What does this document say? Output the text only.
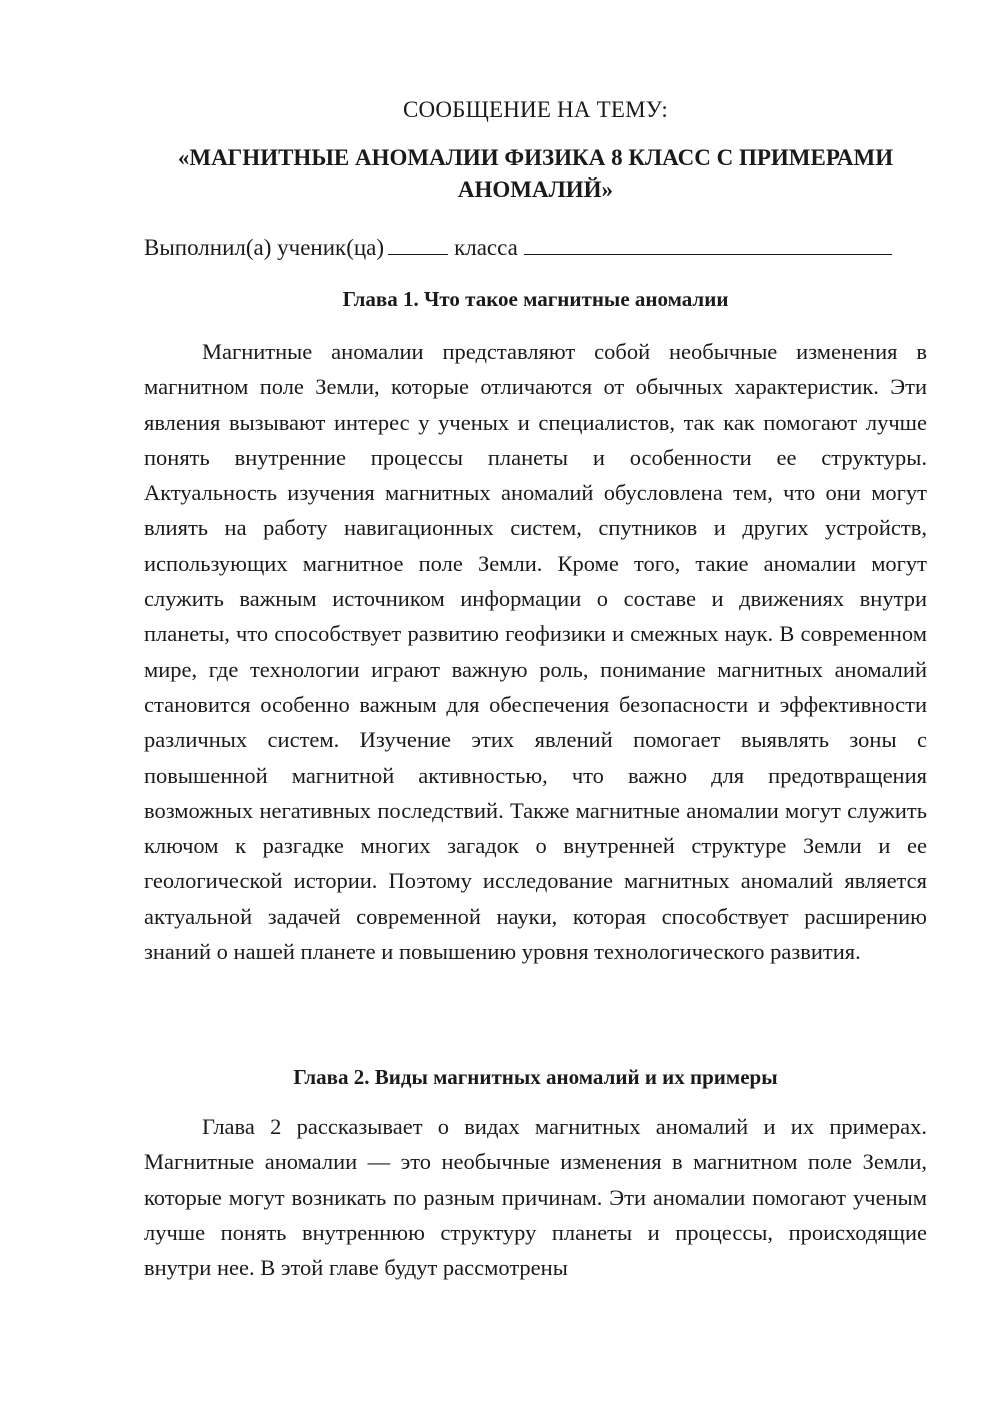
СООБЩЕНИЕ НА ТЕМУ:
«МАГНИТНЫЕ АНОМАЛИИ ФИЗИКА 8 КЛАСС С ПРИМЕРАМИ АНОМАЛИЙ»
Выполнил(а) ученик(ца)	класса
Глава 1. Что такое магнитные аномалии

Магнитные аномалии представляют собой необычные изменения в магнитном поле Земли, которые отличаются от обычных характеристик. Эти явления вызывают интерес у ученых и специалистов, так как помогают лучше понять внутренние процессы планеты и особенности ее структуры. Актуальность изучения магнитных аномалий обусловлена тем, что они могут влиять на работу навигационных систем, спутников и других устройств, использующих магнитное поле Земли. Кроме того, такие аномалии могут служить важным источником информации о составе и движениях внутри планеты, что способствует развитию геофизики и смежных наук. В современном мире, где технологии играют важную роль, понимание магнитных аномалий становится особенно важным для обеспечения безопасности и эффективности различных систем. Изучение этих явлений помогает выявлять зоны с повышенной магнитной активностью, что важно для предотвращения возможных негативных последствий. Также магнитные аномалии могут служить ключом к разгадке многих загадок о внутренней структуре Земли и ее геологической истории. Поэтому исследование магнитных аномалий является актуальной задачей современной науки, которая способствует расширению знаний о нашей планете и повышению уровня технологического развития.

Глава 2. Виды магнитных аномалий и их примеры

Глава 2 рассказывает о видах магнитных аномалий и их примерах. Магнитные аномалии — это необычные изменения в магнитном поле Земли, которые могут возникать по разным причинам. Эти аномалии помогают ученым лучше понять внутреннюю структуру планеты и процессы, происходящие внутри нее. В этой главе будут рассмотрены
